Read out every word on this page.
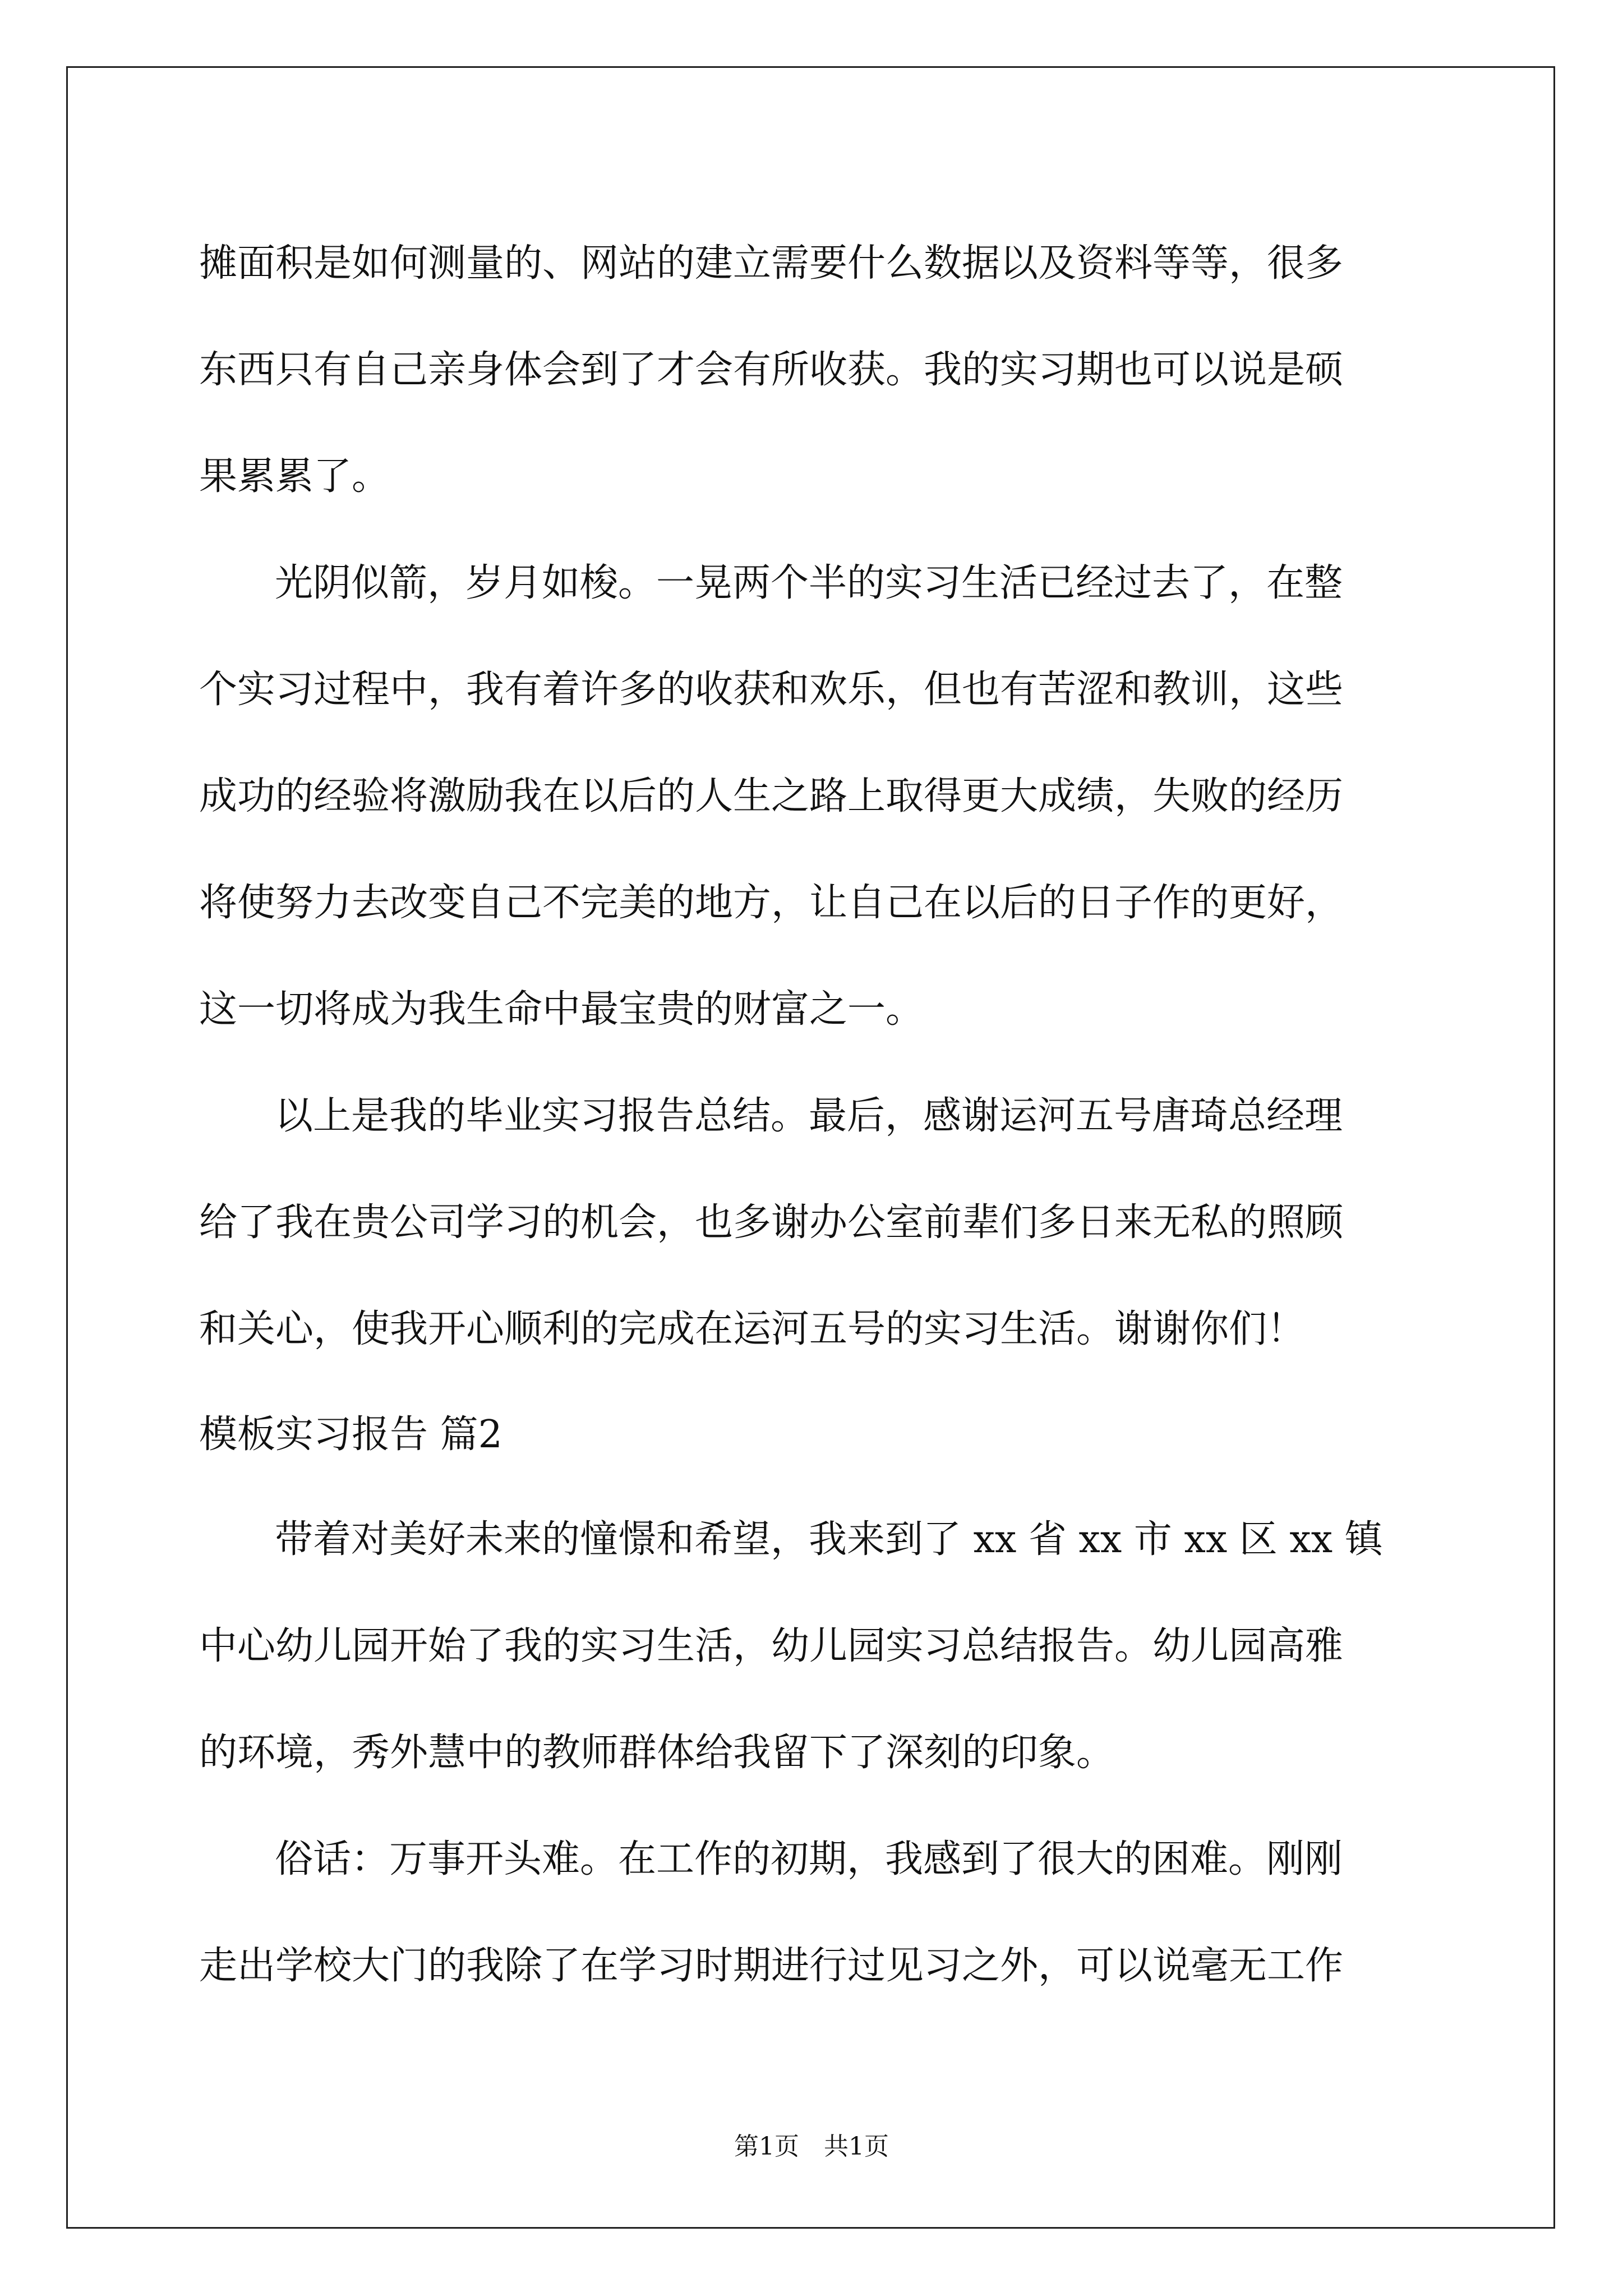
摊面积是如何测量的、网站的建立需要什么数据以及资料等等，很多
东西只有自己亲身体会到了才会有所收获。我的实习期也可以说是硕
果累累了。
光阴似箭，岁月如梭。一晃两个半的实习生活已经过去了，在整
个实习过程中，我有着许多的收获和欢乐，但也有苦涩和教训，这些
成功的经验将激励我在以后的人生之路上取得更大成绩，失败的经历
将使努力去改变自己不完美的地方，让自己在以后的日子作的更好，
这一切将成为我生命中最宝贵的财富之一。
以上是我的毕业实习报告总结。最后，感谢运河五号唐琦总经理
给了我在贵公司学习的机会，也多谢办公室前辈们多日来无私的照顾
和关心，使我开心顺利的完成在运河五号的实习生活。谢谢你们！
模板实习报告 篇2
带着对美好未来的憧憬和希望，我来到了 xx 省 xx 市 xx 区 xx 镇
中心幼儿园开始了我的实习生活，幼儿园实习总结报告。幼儿园高雅
的环境，秀外慧中的教师群体给我留下了深刻的印象。
俗话：万事开头难。在工作的初期，我感到了很大的困难。刚刚
走出学校大门的我除了在学习时期进行过见习之外，可以说毫无工作
第1页　共1页
